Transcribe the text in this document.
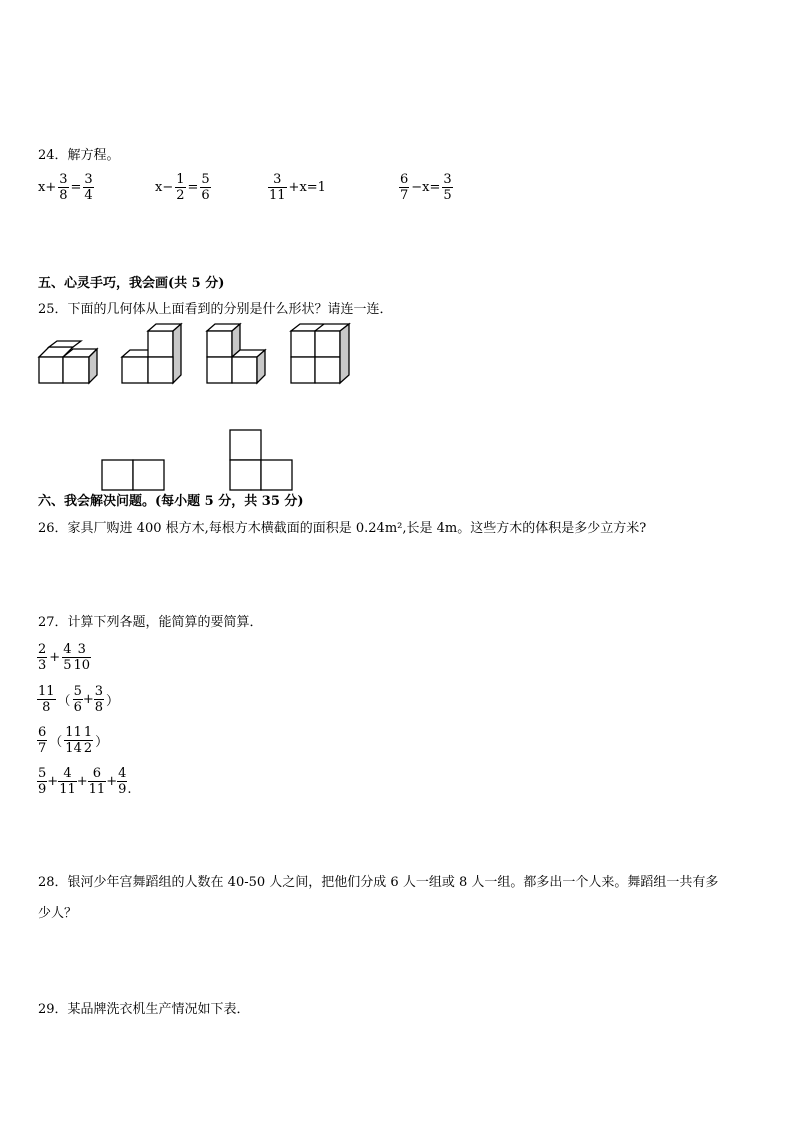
24．解方程。
$x+ \frac{3}{8} = \frac{3}{4}$	$x- \frac{1}{2} = \frac{5}{6}$	$\frac{3}{11} +x=1$	$\frac{6}{7} -x= \frac{3}{5}$
五、心灵手巧，我会画(共 5 分)
25．下面的几何体从上面看到的分别是什么形状？请连一连．
六、我会解决问题。(每小题 5 分，共 35 分)
26．家具厂购进 400 根方木,每根方木横截面的面积是 0.24m²,长是 4m。这些方木的体积是多少立方米?
27．计算下列各题，能简算的要简算．
$\frac{2}{3} + \frac{4}{5} \frac{3}{10}$
$\frac{11}{8}$ （ $\frac{5}{6} + \frac{3}{8}$ ）
$\frac{6}{7}$ （ $\frac{11}{14} \frac{1}{2}$ ）
$\frac{5}{9} + \frac{4}{11} + \frac{6}{11} + \frac{4}{9}$ .
28．银河少年宫舞蹈组的人数在 40-50 人之间，把他们分成 6 人一组或 8 人一组。都多出一个人来。舞蹈组一共有多
少人？
29．某品牌洗衣机生产情况如下表．
